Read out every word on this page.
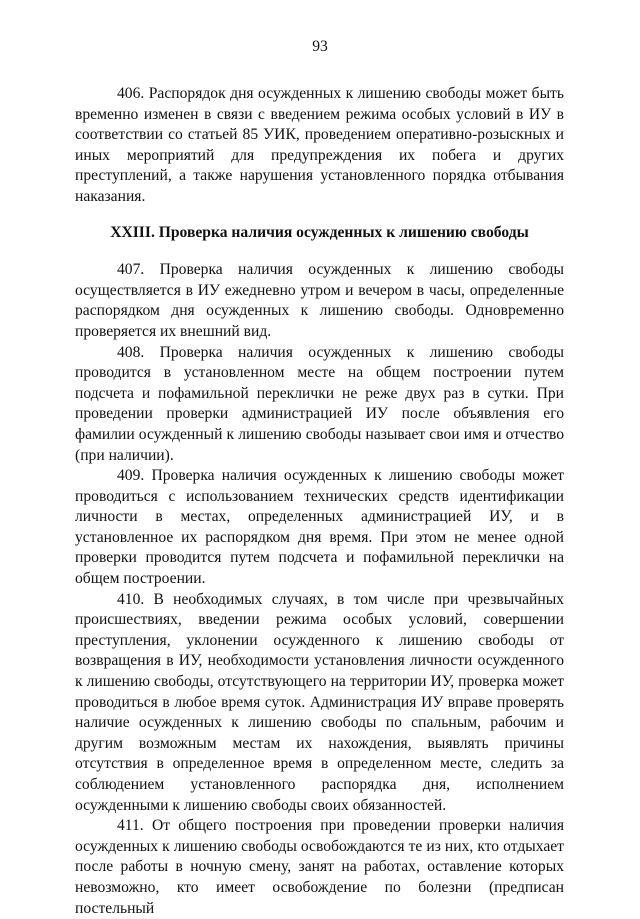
93

406. Распорядок дня осужденных к лишению свободы может быть временно изменен в связи с введением режима особых условий в ИУ в соответствии со статьей 85 УИК, проведением оперативно-розыскных и иных мероприятий для предупреждения их побега и других преступлений, а также нарушения установленного порядка отбывания наказания.

XXIII. Проверка наличия осужденных к лишению свободы

407. Проверка наличия осужденных к лишению свободы осуществляется в ИУ ежедневно утром и вечером в часы, определенные распорядком дня осужденных к лишению свободы. Одновременно проверяется их внешний вид.

408. Проверка наличия осужденных к лишению свободы проводится в установленном месте на общем построении путем подсчета и пофамильной переклички не реже двух раз в сутки. При проведении проверки администрацией ИУ после объявления его фамилии осужденный к лишению свободы называет свои имя и отчество (при наличии).

409. Проверка наличия осужденных к лишению свободы может проводиться с использованием технических средств идентификации личности в местах, определенных администрацией ИУ, и в установленное их распорядком дня время. При этом не менее одной проверки проводится путем подсчета и пофамильной переклички на общем построении.

410. В необходимых случаях, в том числе при чрезвычайных происшествиях, введении режима особых условий, совершении преступления, уклонении осужденного к лишению свободы от возвращения в ИУ, необходимости установления личности осужденного к лишению свободы, отсутствующего на территории ИУ, проверка может проводиться в любое время суток. Администрация ИУ вправе проверять наличие осужденных к лишению свободы по спальным, рабочим и другим возможным местам их нахождения, выявлять причины отсутствия в определенное время в определенном месте, следить за соблюдением установленного распорядка дня, исполнением осужденными к лишению свободы своих обязанностей.

411. От общего построения при проведении проверки наличия осужденных к лишению свободы освобождаются те из них, кто отдыхает после работы в ночную смену, занят на работах, оставление которых невозможно, кто имеет освобождение по болезни (предписан постельный
